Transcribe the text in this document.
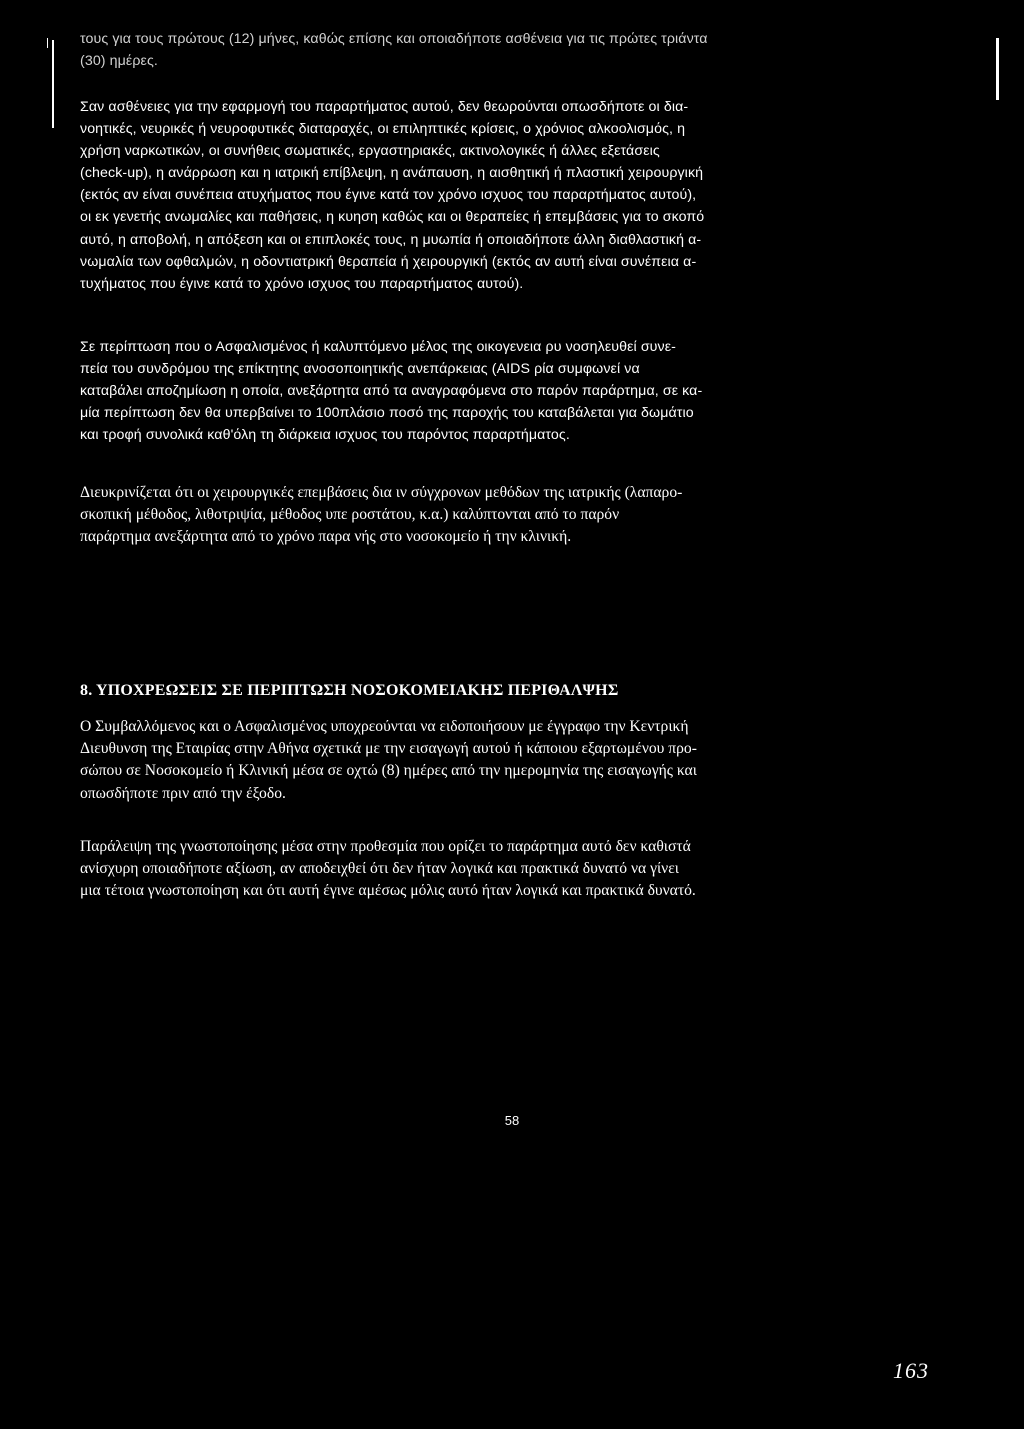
τους για τους πρώτους (12) μήνες, καθώς επίσης και οποιαδήποτε ασθένεια για τις πρώτες τριάντα
(30) ημέρες.
Σαν ασθένειες για την εφαρμογή του παραρτήματος αυτού, δεν θεωρούνται οπωσδήποτε οι δια-
νοητικές, νευρικές ή νευροφυτικές διαταραχές, οι επιληπτικές κρίσεις, ο χρόνιος αλκοολισμός, η
χρήση ναρκωτικών, οι συνήθεις σωματικές, εργαστηριακές, ακτινολογικές ή άλλες εξετάσεις
(check-up), η ανάρρωση και η ιατρική επίβλεψη, η ανάπαυση, η αισθητική ή πλαστική χειρουργική
(εκτός αν είναι συνέπεια ατυχήματος που έγινε κατά τον χρόνο ισχυος του παραρτήματος αυτού),
οι εκ γενετής ανωμαλίες και παθήσεις, η κυηση καθώς και οι θεραπείες ή επεμβάσεις για το σκοπό
αυτό, η αποβολή, η απόξεση και οι επιπλοκές τους, η μυωπία ή οποιαδήποτε άλλη διαθλαστική α-
νωμαλία των οφθαλμών, η οδοντιατρική θεραπεία ή χειρουργική (εκτός αν αυτή είναι συνέπεια α-
τυχήματος που έγινε κατά το χρόνο ισχυος του παραρτήματος αυτού).
Σε περίπτωση που ο Ασφαλισμένος ή καλυπτόμενο μέλος της οικογενεια ρυ νοσηλευθεί συνε-
πεία του συνδρόμου της επίκτητης ανοσοποιητικής ανεπάρκειας (AIDS ρία συμφωνεί να
καταβάλει αποζημίωση η οποία, ανεξάρτητα από τα αναγραφόμενα στο παρόν παράρτημα, σε κα-
μία περίπτωση δεν θα υπερβαίνει το 100πλάσιο ποσό της παροχής του καταβάλεται για δωμάτιο
και τροφή συνολικά καθ'όλη τη διάρκεια ισχυος του παρόντος παραρτήματος.
Διευκρινίζεται ότι οι χειρουργικές επεμβάσεις δια ιν σύγχρονων μεθόδων της ιατρικής (λαπαρο-
σκοπική μέθοδος, λιθοτριψία, μέθοδος υπε ροστάτου, κ.α.) καλύπτονται από το παρόν
παράρτημα ανεξάρτητα από το χρόνο παρα νής στο νοσοκομείο ή την κλινική.
8. ΥΠΟΧΡΕΩΣΕΙΣ ΣΕ ΠΕΡΙΠΤΩΣΗ ΝΟΣΟΚΟΜΕΙΑΚΗΣ ΠΕΡΙΘΑΛΨΗΣ
Ο Συμβαλλόμενος και ο Ασφαλισμένος υποχρεούνται να ειδοποιήσουν με έγγραφο την Κεντρική
Διευθυνση της Εταιρίας στην Αθήνα σχετικά με την εισαγωγή αυτού ή κάποιου εξαρτωμένου προ-
σώπου σε Νοσοκομείο ή Κλινική μέσα σε οχτώ (8) ημέρες από την ημερομηνία της εισαγωγής και
οπωσδήποτε πριν από την έξοδο.
Παράλειψη της γνωστοποίησης μέσα στην προθεσμία που ορίζει το παράρτημα αυτό δεν καθιστά
ανίσχυρη οποιαδήποτε αξίωση, αν αποδειχθεί ότι δεν ήταν λογικά και πρακτικά δυνατό να γίνει
μια τέτοια γνωστοποίηση και ότι αυτή έγινε αμέσως μόλις αυτό ήταν λογικά και πρακτικά δυνατό.
58
163
